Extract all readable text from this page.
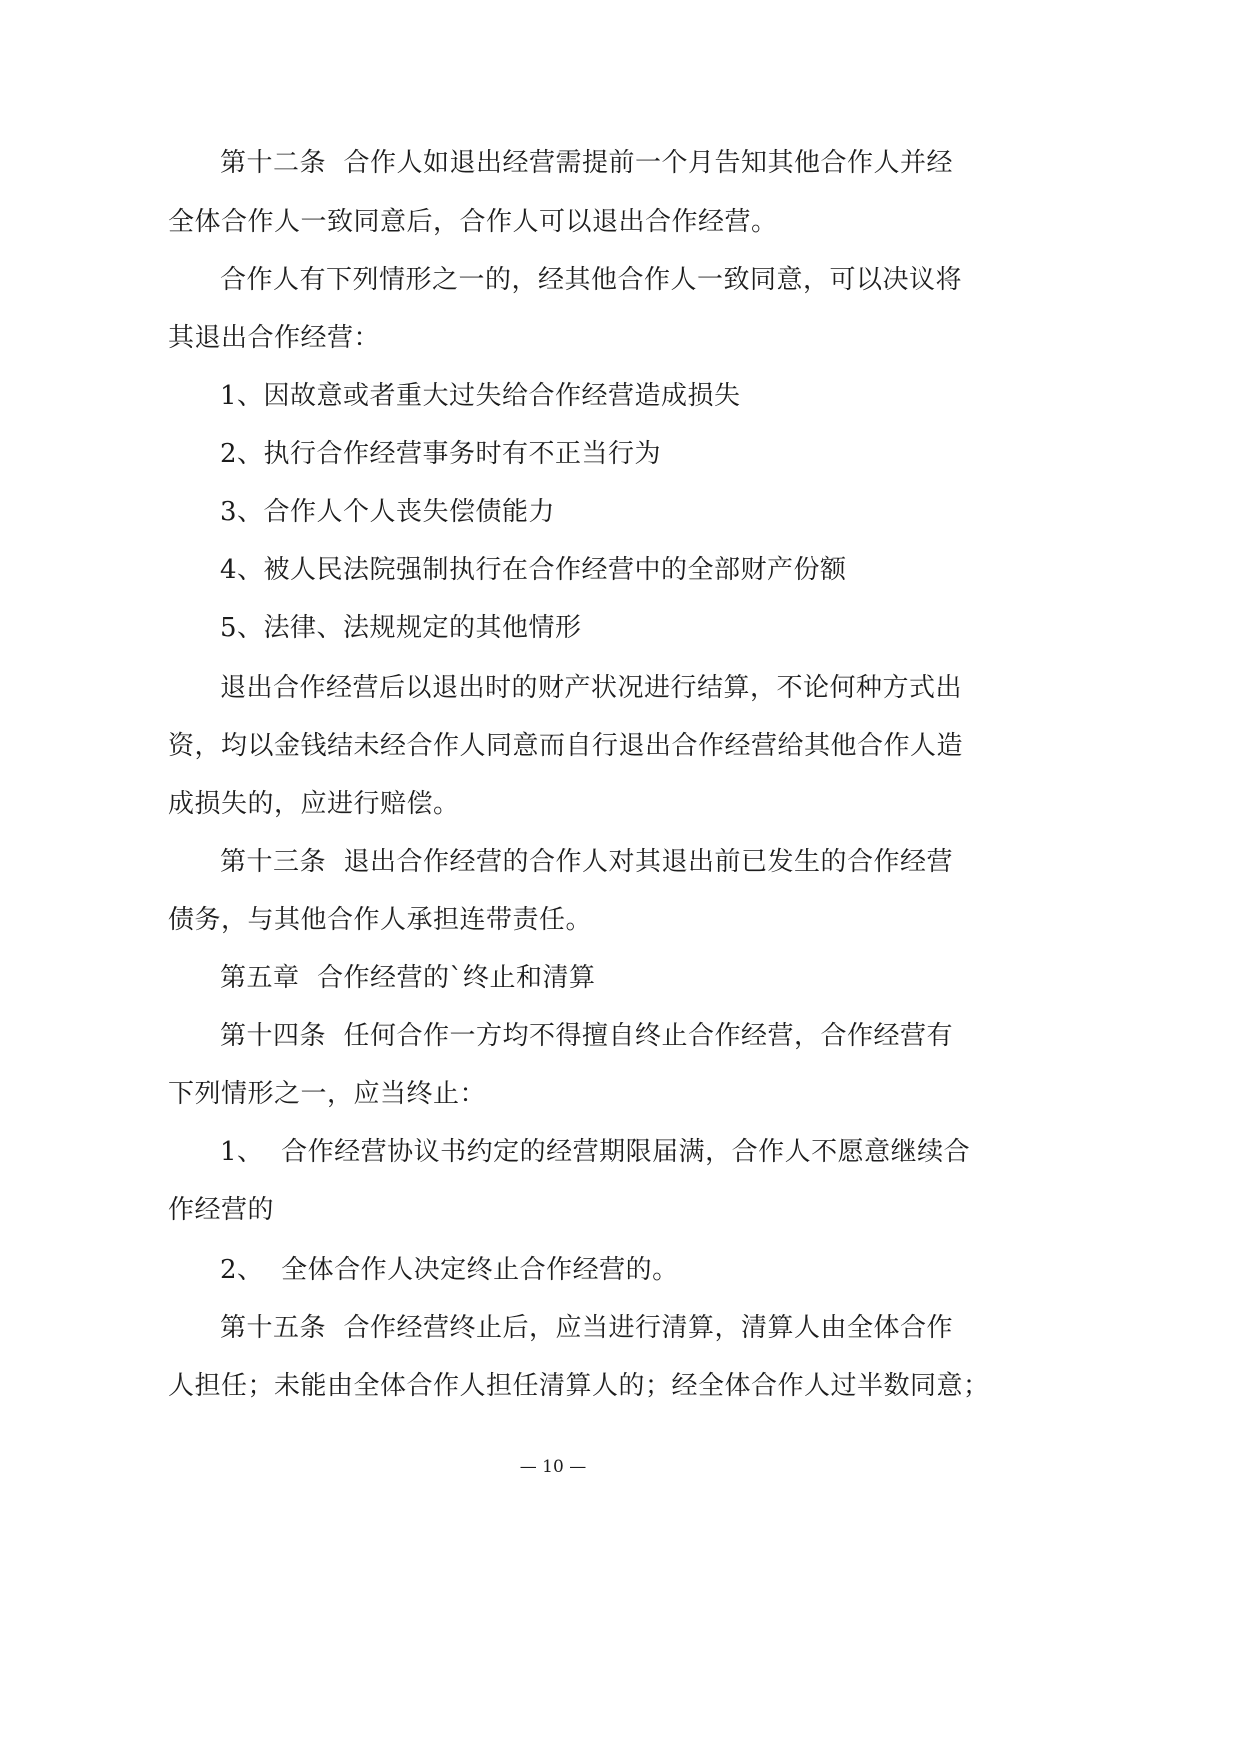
第十二条  合作人如退出经营需提前一个月告知其他合作人并经
全体合作人一致同意后，合作人可以退出合作经营。
合作人有下列情形之一的，经其他合作人一致同意，可以决议将
其退出合作经营：
1、因故意或者重大过失给合作经营造成损失
2、执行合作经营事务时有不正当行为
3、合作人个人丧失偿债能力
4、被人民法院强制执行在合作经营中的全部财产份额
5、法律、法规规定的其他情形
退出合作经营后以退出时的财产状况进行结算，不论何种方式出
资，均以金钱结未经合作人同意而自行退出合作经营给其他合作人造
成损失的，应进行赔偿。
第十三条  退出合作经营的合作人对其退出前已发生的合作经营
债务，与其他合作人承担连带责任。
第五章  合作经营的`终止和清算
第十四条  任何合作一方均不得擅自终止合作经营，合作经营有
下列情形之一，应当终止：
1、  合作经营协议书约定的经营期限届满，合作人不愿意继续合
作经营的
2、  全体合作人决定终止合作经营的。
第十五条  合作经营终止后，应当进行清算，清算人由全体合作
人担任；未能由全体合作人担任清算人的；经全体合作人过半数同意；
— 10 —
